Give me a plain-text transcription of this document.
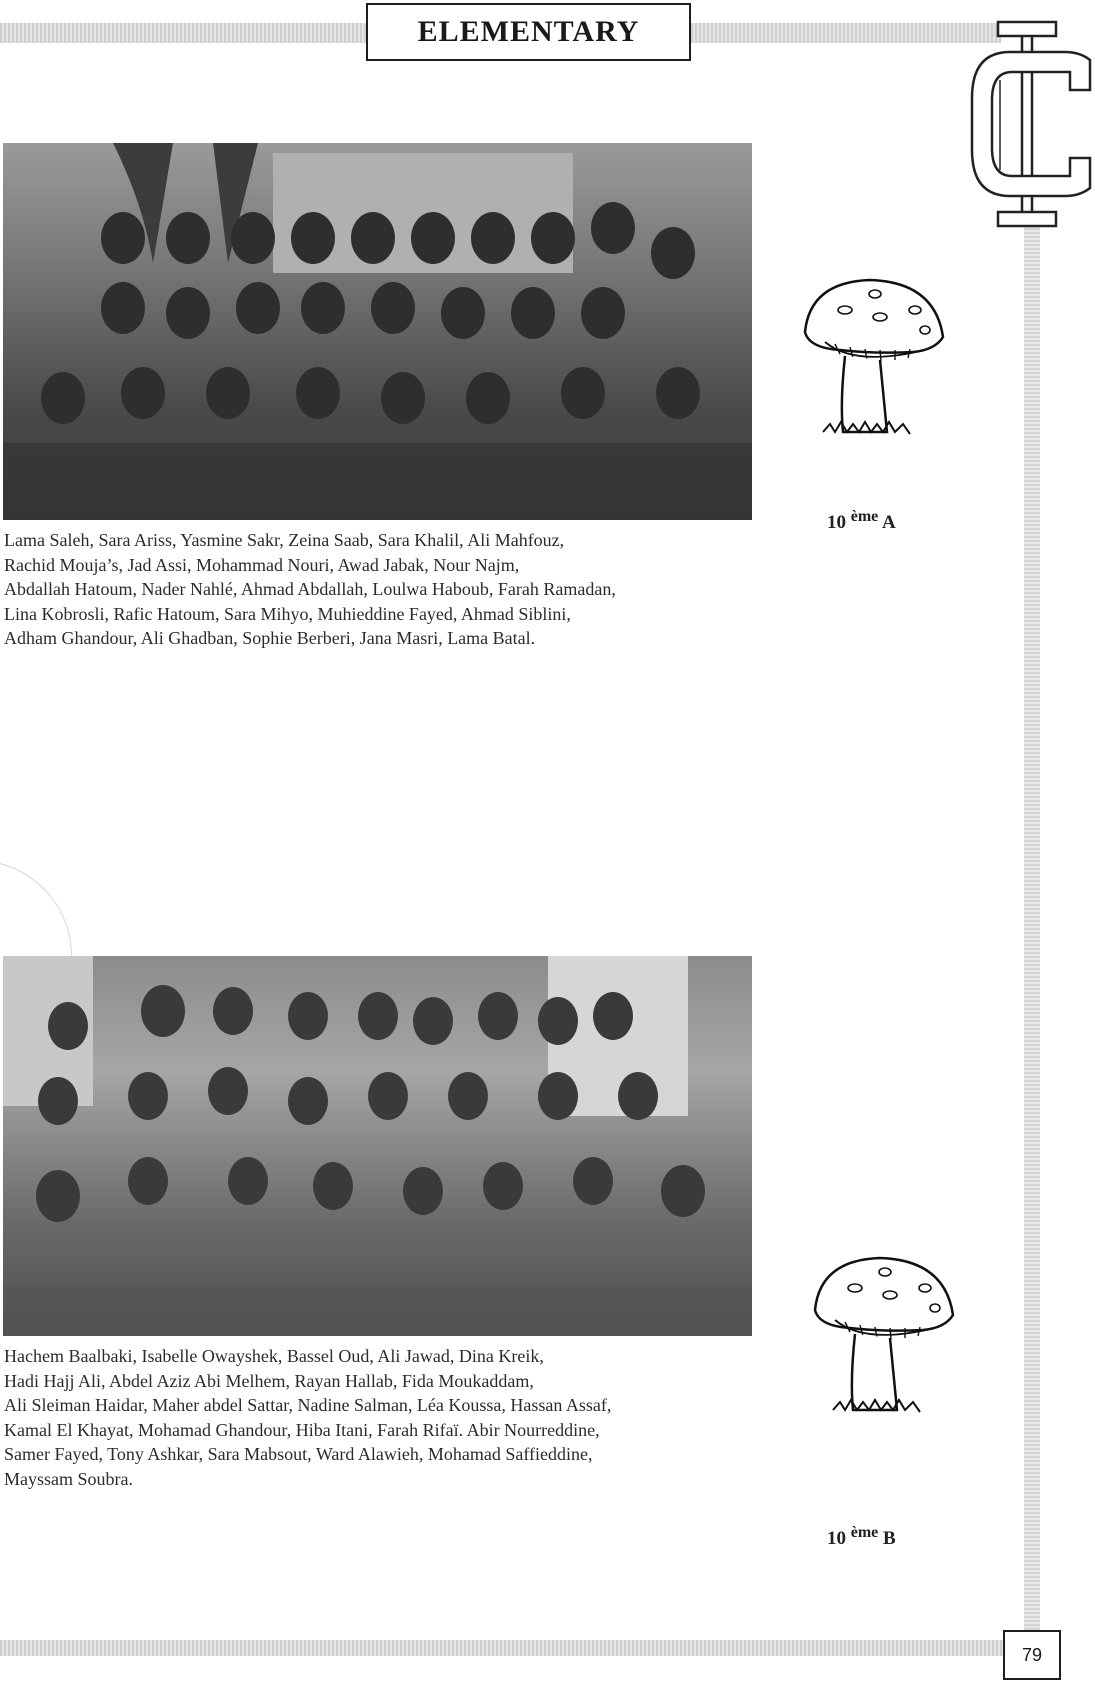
ELEMENTARY
Lama Saleh, Sara Ariss, Yasmine Sakr, Zeina Saab, Sara Khalil, Ali Mahfouz,
Rachid Mouja’s, Jad Assi, Mohammad Nouri, Awad Jabak, Nour Najm,
Abdallah Hatoum, Nader Nahlé, Ahmad Abdallah, Loulwa Haboub, Farah Ramadan,
Lina Kobrosli, Rafic Hatoum, Sara Mihyo, Muhieddine Fayed, Ahmad Siblini,
Adham Ghandour, Ali Ghadban, Sophie Berberi, Jana Masri, Lama Batal.
10 $^{ème}$ A
Hachem Baalbaki, Isabelle Owayshek, Bassel Oud, Ali Jawad, Dina Kreik,
Hadi Hajj Ali, Abdel Aziz Abi Melhem, Rayan Hallab, Fida Moukaddam,
Ali Sleiman Haidar, Maher abdel Sattar, Nadine Salman, Léa Koussa, Hassan Assaf,
Kamal El Khayat, Mohamad Ghandour, Hiba Itani, Farah Rifaï. Abir Nourreddine,
Samer Fayed, Tony Ashkar, Sara Mabsout, Ward Alawieh, Mohamad Saffieddine,
Mayssam Soubra.
10 $^{ème}$ B
79
